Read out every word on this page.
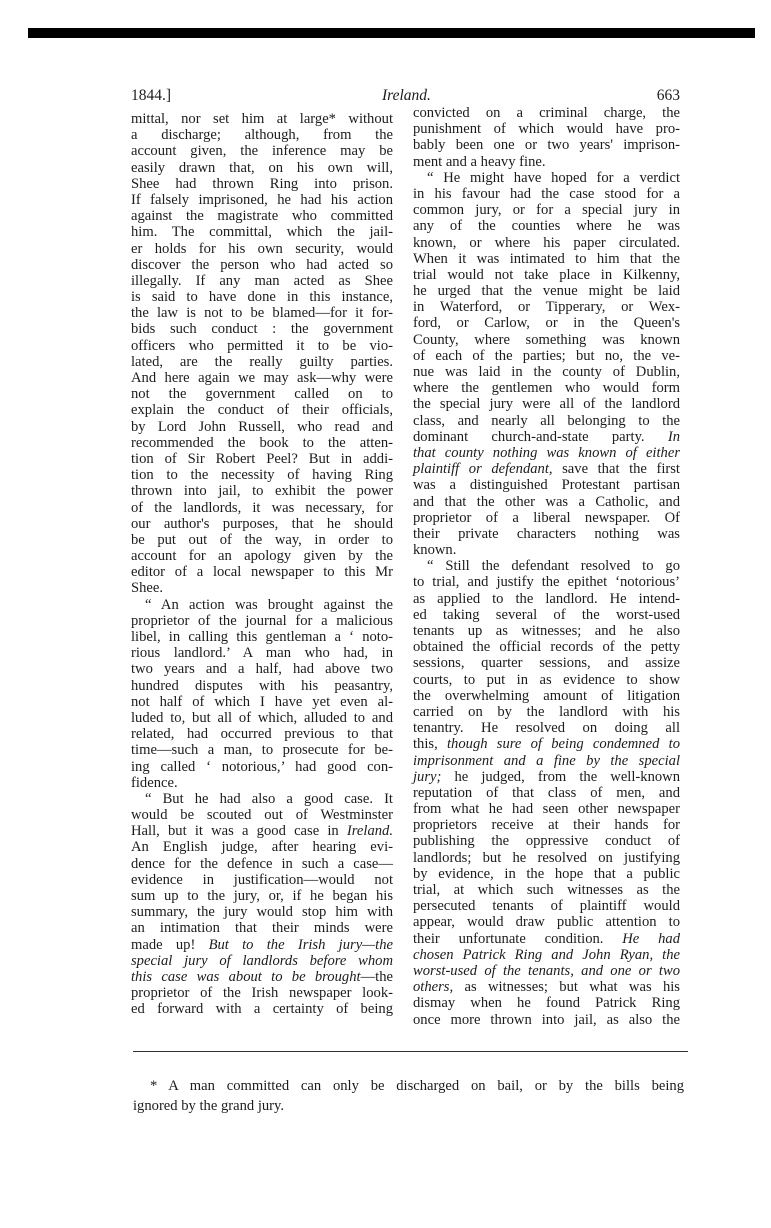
1844.]	Ireland.	663
mittal, nor set him at large* without
a discharge; although, from the
account given, the inference may be
easily drawn that, on his own will,
Shee had thrown Ring into prison.
If falsely imprisoned, he had his action
against the magistrate who committed
him. The committal, which the jail-
er holds for his own security, would
discover the person who had acted so
illegally. If any man acted as Shee
is said to have done in this instance,
the law is not to be blamed—for it for-
bids such conduct : the government
officers who permitted it to be vio-
lated, are the really guilty parties.
And here again we may ask—why were
not the government called on to
explain the conduct of their officials,
by Lord John Russell, who read and
recommended the book to the atten-
tion of Sir Robert Peel? But in addi-
tion to the necessity of having Ring
thrown into jail, to exhibit the power
of the landlords, it was necessary, for
our author's purposes, that he should
be put out of the way, in order to
account for an apology given by the
editor of a local newspaper to this Mr
Shee.
“ An action was brought against the
proprietor of the journal for a malicious
libel, in calling this gentleman a ‘ noto-
rious landlord.’ A man who had, in
two years and a half, had above two
hundred disputes with his peasantry,
not half of which I have yet even al-
luded to, but all of which, alluded to and
related, had occurred previous to that
time—such a man, to prosecute for be-
ing called ‘ notorious,’ had good con-
fidence.
“ But he had also a good case. It
would be scouted out of Westminster
Hall, but it was a good case in Ireland.
An English judge, after hearing evi-
dence for the defence in such a case—
evidence in justification—would not
sum up to the jury, or, if he began his
summary, the jury would stop him with
an intimation that their minds were
made up! But to the Irish jury—the
special jury of landlords before whom
this case was about to be brought—the
proprietor of the Irish newspaper look-
ed forward with a certainty of being
convicted on a criminal charge, the
punishment of which would have pro-
bably been one or two years' imprison-
ment and a heavy fine.
“ He might have hoped for a verdict
in his favour had the case stood for a
common jury, or for a special jury in
any of the counties where he was
known, or where his paper circulated.
When it was intimated to him that the
trial would not take place in Kilkenny,
he urged that the venue might be laid
in Waterford, or Tipperary, or Wex-
ford, or Carlow, or in the Queen's
County, where something was known
of each of the parties; but no, the ve-
nue was laid in the county of Dublin,
where the gentlemen who would form
the special jury were all of the landlord
class, and nearly all belonging to the
dominant church-and-state party. In
that county nothing was known of either
plaintiff or defendant, save that the first
was a distinguished Protestant partisan
and that the other was a Catholic, and
proprietor of a liberal newspaper. Of
their private characters nothing was
known.
“ Still the defendant resolved to go
to trial, and justify the epithet ‘notorious’
as applied to the landlord. He intend-
ed taking several of the worst-used
tenants up as witnesses; and he also
obtained the official records of the petty
sessions, quarter sessions, and assize
courts, to put in as evidence to show
the overwhelming amount of litigation
carried on by the landlord with his
tenantry. He resolved on doing all
this, though sure of being condemned to
imprisonment and a fine by the special
jury; he judged, from the well-known
reputation of that class of men, and
from what he had seen other newspaper
proprietors receive at their hands for
publishing the oppressive conduct of
landlords; but he resolved on justifying
by evidence, in the hope that a public
trial, at which such witnesses as the
persecuted tenants of plaintiff would
appear, would draw public attention to
their unfortunate condition. He had
chosen Patrick Ring and John Ryan, the
worst-used of the tenants, and one or two
others, as witnesses; but what was his
dismay when he found Patrick Ring
once more thrown into jail, as also the
* A man committed can only be discharged on bail, or by the bills being
ignored by the grand jury.
